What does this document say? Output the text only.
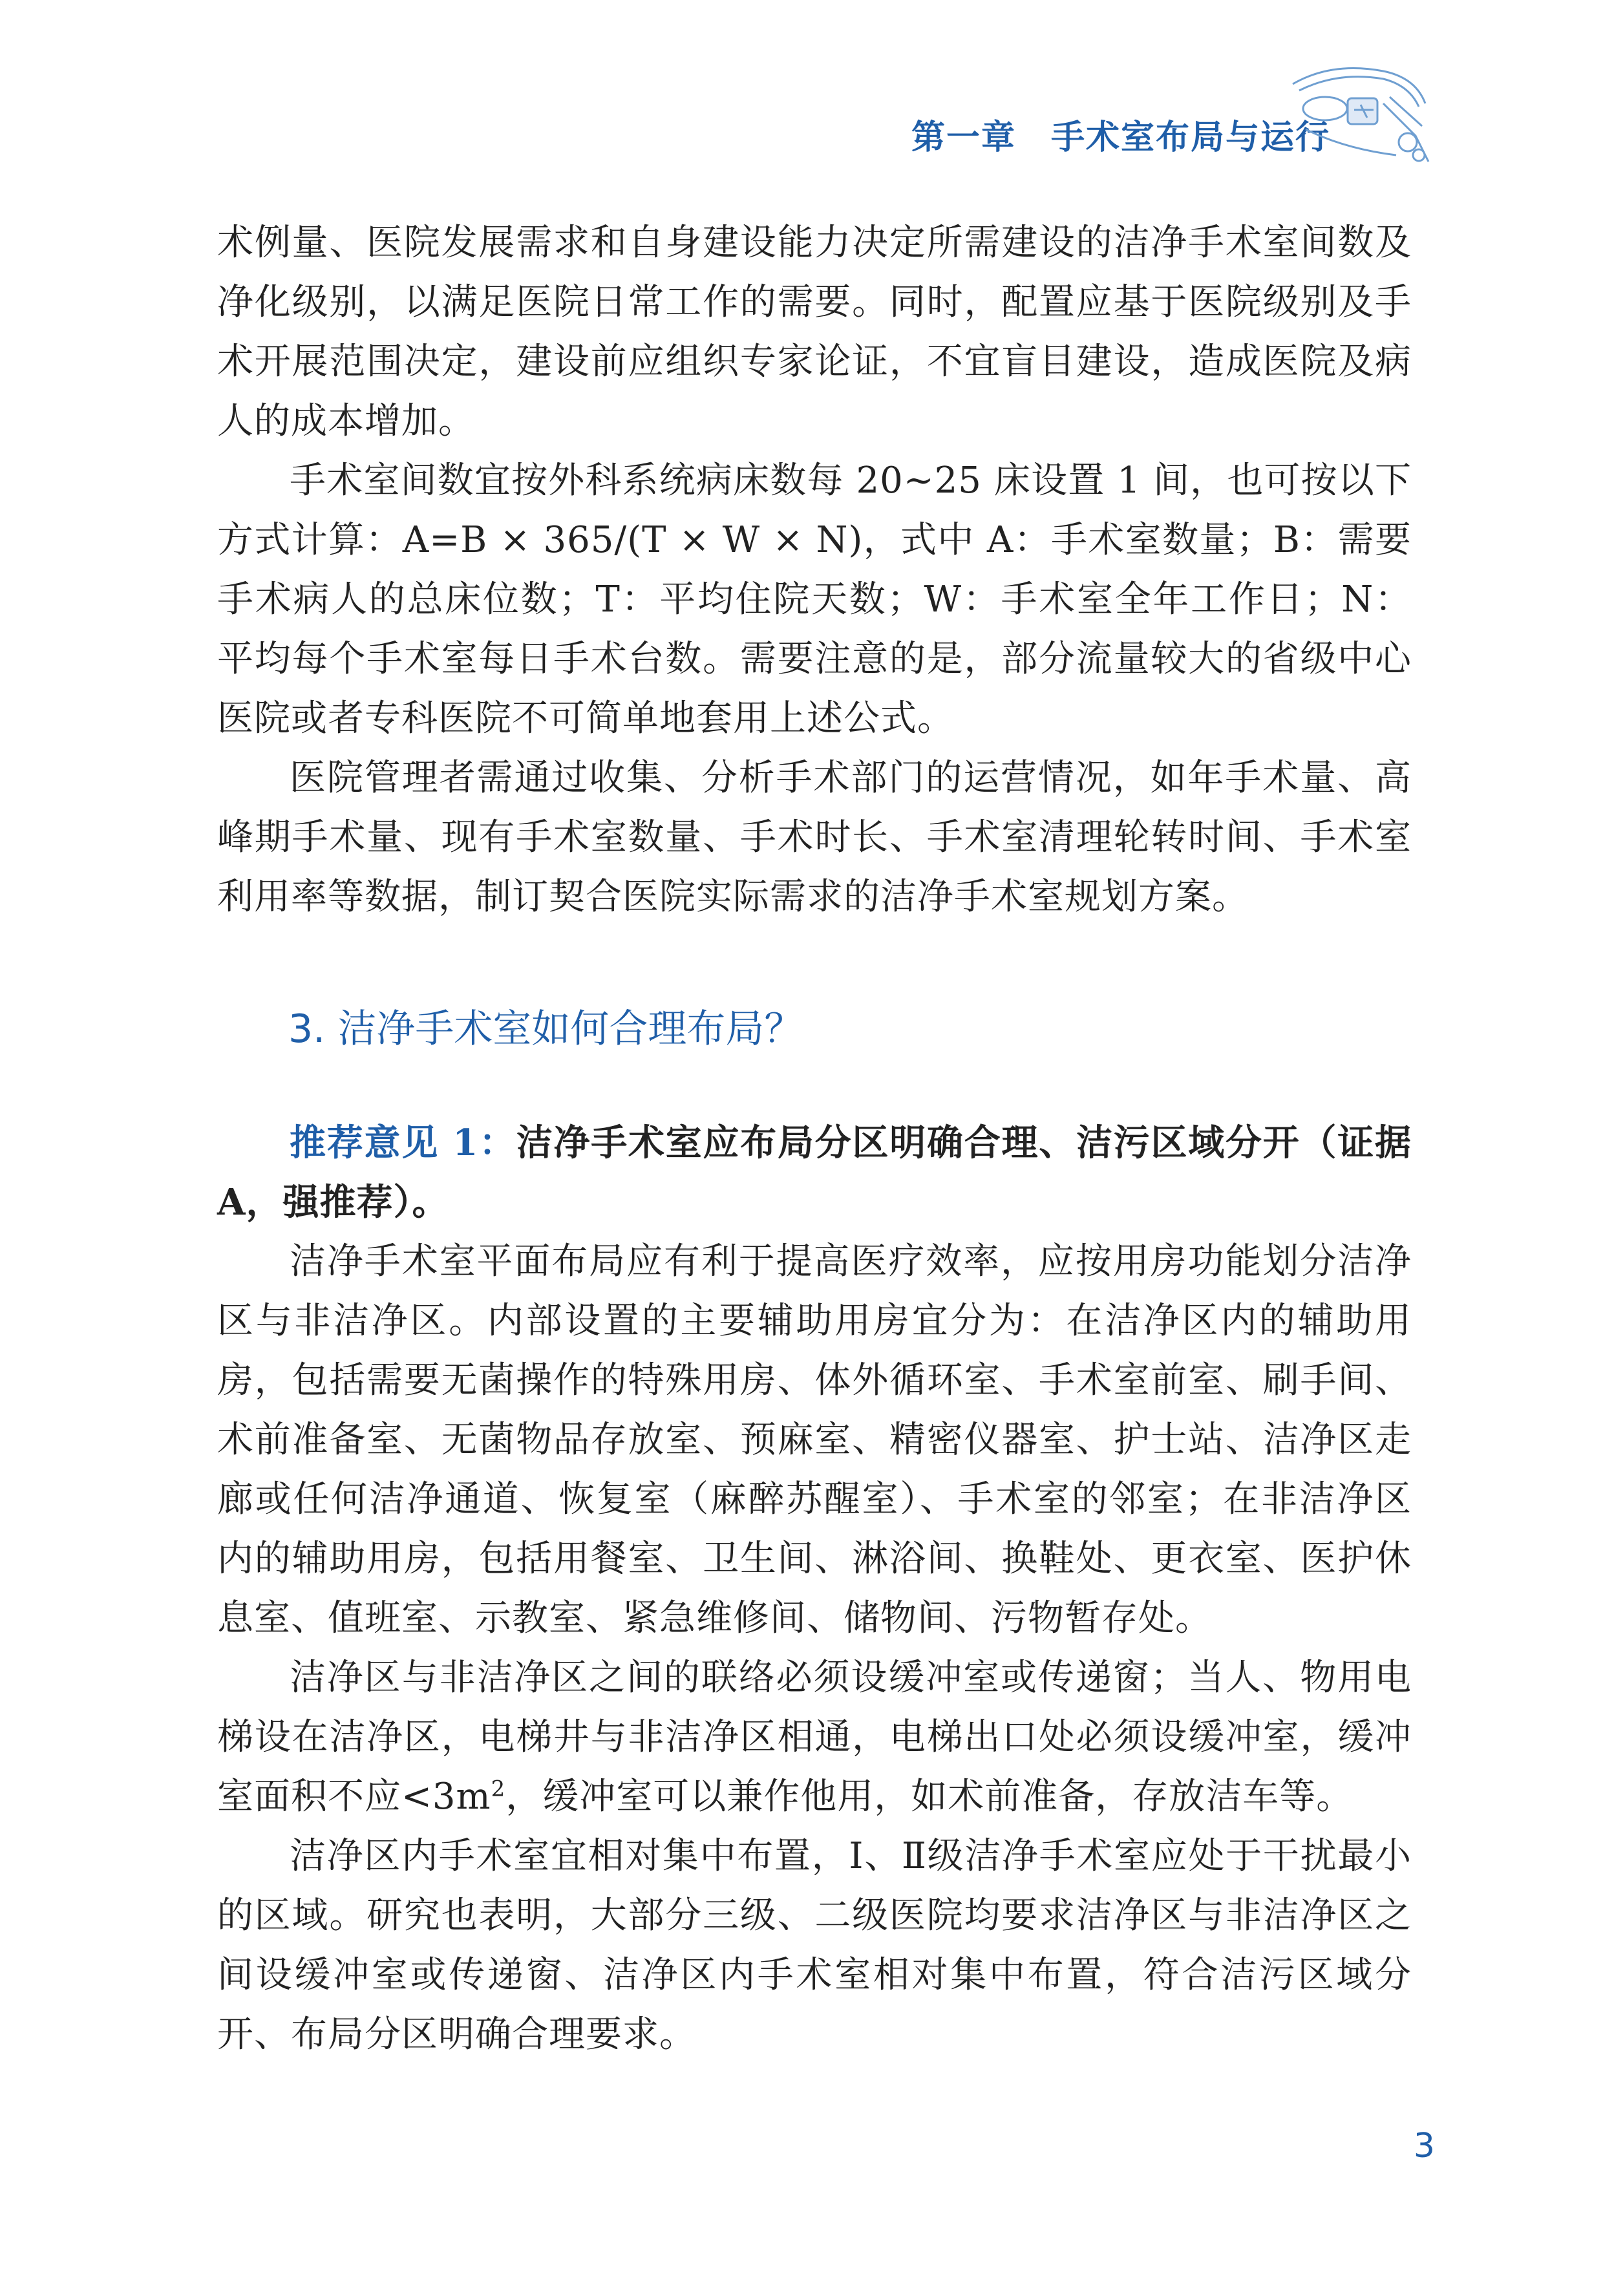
第一章　手术室布局与运行

术例量、医院发展需求和自身建设能力决定所需建设的洁净手术室间数及净化级别，以满足医院日常工作的需要。同时，配置应基于医院级别及手术开展范围决定，建设前应组织专家论证，不宜盲目建设，造成医院及病人的成本增加。

手术室间数宜按外科系统病床数每 20~25 床设置 1 间，也可按以下方式计算：A=B × 365/(T × W × N)，式中 A：手术室数量；B：需要手术病人的总床位数；T：平均住院天数；W：手术室全年工作日；N：平均每个手术室每日手术台数。需要注意的是，部分流量较大的省级中心医院或者专科医院不可简单地套用上述公式。

医院管理者需通过收集、分析手术部门的运营情况，如年手术量、高峰期手术量、现有手术室数量、手术时长、手术室清理轮转时间、手术室利用率等数据，制订契合医院实际需求的洁净手术室规划方案。

3. 洁净手术室如何合理布局？

推荐意见 1：洁净手术室应布局分区明确合理、洁污区域分开（证据 A，强推荐）。

洁净手术室平面布局应有利于提高医疗效率，应按用房功能划分洁净区与非洁净区。内部设置的主要辅助用房宜分为：在洁净区内的辅助用房，包括需要无菌操作的特殊用房、体外循环室、手术室前室、刷手间、术前准备室、无菌物品存放室、预麻室、精密仪器室、护士站、洁净区走廊或任何洁净通道、恢复室（麻醉苏醒室）、手术室的邻室；在非洁净区内的辅助用房，包括用餐室、卫生间、淋浴间、换鞋处、更衣室、医护休息室、值班室、示教室、紧急维修间、储物间、污物暂存处。

洁净区与非洁净区之间的联络必须设缓冲室或传递窗；当人、物用电梯设在洁净区，电梯井与非洁净区相通，电梯出口处必须设缓冲室，缓冲室面积不应$<3m^2$，缓冲室可以兼作他用，如术前准备，存放洁车等。

洁净区内手术室宜相对集中布置，Ⅰ、Ⅱ级洁净手术室应处于干扰最小的区域。研究也表明，大部分三级、二级医院均要求洁净区与非洁净区之间设缓冲室或传递窗、洁净区内手术室相对集中布置，符合洁污区域分开、布局分区明确合理要求。

3
